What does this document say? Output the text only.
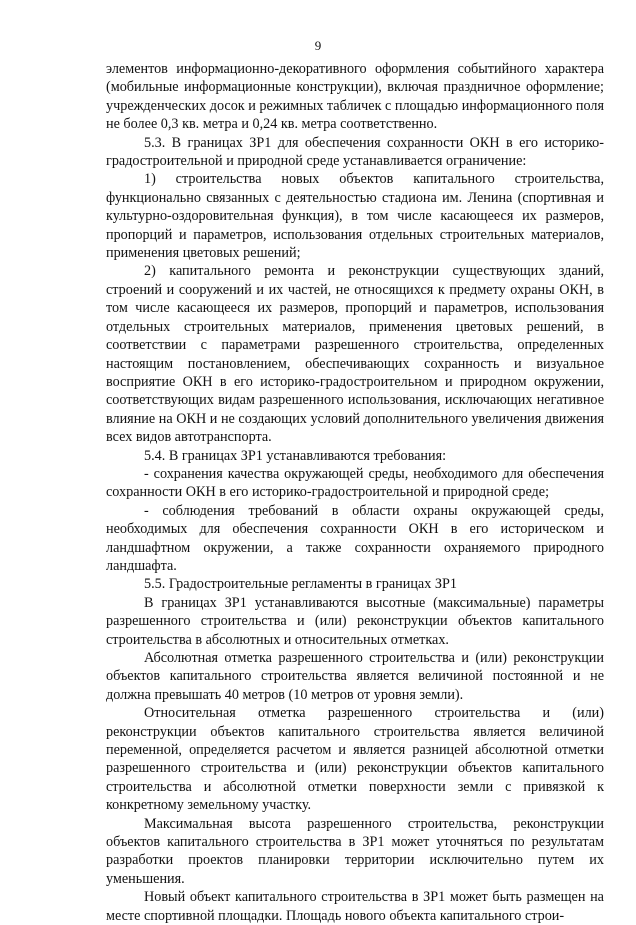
9

элементов информационно-декоративного оформления событийного характера (мобильные информационные конструкции), включая праздничное оформление; учрежденческих досок и режимных табличек с площадью информационного поля не более 0,3 кв. метра и 0,24 кв. метра соответственно.

5.3. В границах ЗР1 для обеспечения сохранности ОКН в его историко-градостроительной и природной среде устанавливается ограничение:

1) строительства новых объектов капитального строительства, функционально связанных с деятельностью стадиона им. Ленина (спортивная и культурно-оздоровительная функция), в том числе касающееся их размеров, пропорций и параметров, использования отдельных строительных материалов, применения цветовых решений;

2) капитального ремонта и реконструкции существующих зданий, строений и сооружений и их частей, не относящихся к предмету охраны ОКН, в том числе касающееся их размеров, пропорций и параметров, использования отдельных строительных материалов, применения цветовых решений, в соответствии с параметрами разрешенного строительства, определенных настоящим постановлением, обеспечивающих сохранность и визуальное восприятие ОКН в его историко-градостроительном и природном окружении, соответствующих видам разрешенного использования, исключающих негативное влияние на ОКН и не создающих условий дополнительного увеличения движения всех видов автотранспорта.

5.4. В границах ЗР1 устанавливаются требования:

- сохранения качества окружающей среды, необходимого для обеспечения сохранности ОКН в его историко-градостроительной и природной среде;

- соблюдения требований в области охраны окружающей среды, необходимых для обеспечения сохранности ОКН в его историческом и ландшафтном окружении, а также сохранности охраняемого природного ландшафта.

5.5. Градостроительные регламенты в границах ЗР1

В границах ЗР1 устанавливаются высотные (максимальные) параметры разрешенного строительства и (или) реконструкции объектов капитального строительства в абсолютных и относительных отметках.

Абсолютная отметка разрешенного строительства и (или) реконструкции объектов капитального строительства является величиной постоянной и не должна превышать 40 метров (10 метров от уровня земли).

Относительная отметка разрешенного строительства и (или) реконструкции объектов капитального строительства является величиной переменной, определяется расчетом и является разницей абсолютной отметки разрешенного строительства и (или) реконструкции объектов капитального строительства и абсолютной отметки поверхности земли с привязкой к конкретному земельному участку.

Максимальная высота разрешенного строительства, реконструкции объектов капитального строительства в ЗР1 может уточняться по результатам разработки проектов планировки территории исключительно путем их уменьшения.

Новый объект капитального строительства в ЗР1 может быть размещен на месте спортивной площадки. Площадь нового объекта капитального строи-
